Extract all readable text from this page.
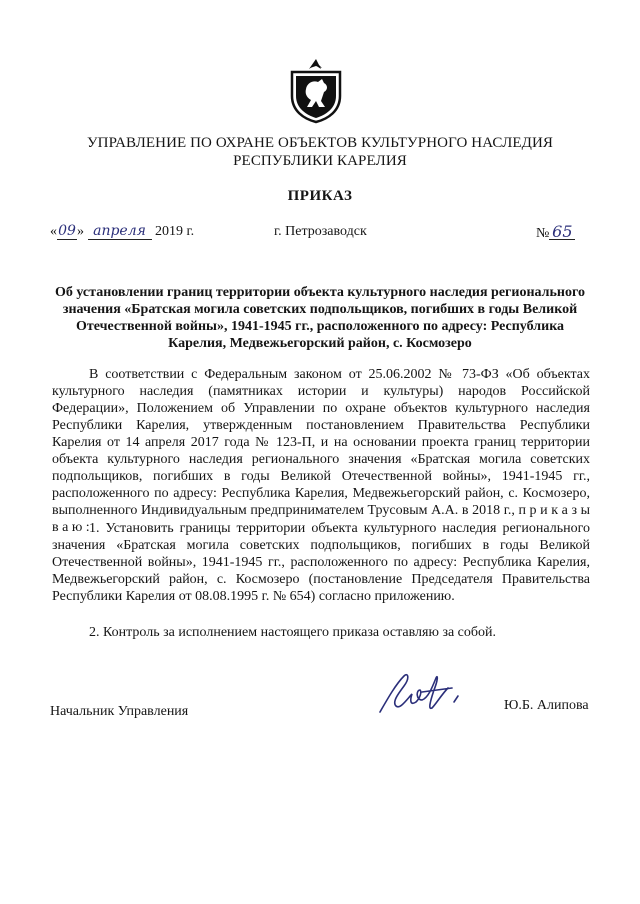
УПРАВЛЕНИЕ ПО ОХРАНЕ ОБЪЕКТОВ КУЛЬТУРНОГО НАСЛЕДИЯ
РЕСПУБЛИКИ КАРЕЛИЯ
ПРИКАЗ
«09» апреля 2019 г.	г. Петрозаводск	№ 65
Об установлении границ территории объекта культурного наследия регионального значения «Братская могила советских подпольщиков, погибших в годы Великой Отечественной войны», 1941-1945 гг., расположенного по адресу: Республика Карелия, Медвежьегорский район, с. Космозеро

В соответствии с Федеральным законом от 25.06.2002 № 73-ФЗ «Об объектах культурного наследия (памятниках истории и культуры) народов Российской Федерации», Положением об Управлении по охране объектов культурного наследия Республики Карелия, утвержденным постановлением Правительства Республики Карелия от 14 апреля 2017 года № 123-П, и на основании проекта границ территории объекта культурного наследия регионального значения «Братская могила советских подпольщиков, погибших в годы Великой Отечественной войны», 1941-1945 гг., расположенного по адресу: Республика Карелия, Медвежьегорский район, с. Космозеро, выполненного Индивидуальным предпринимателем Трусовым А.А. в 2018 г., п р и к а з ы в а ю : 1. Установить границы территории объекта культурного наследия регионального значения «Братская могила советских подпольщиков, погибших в годы Великой Отечественной войны», 1941-1945 гг., расположенного по адресу: Республика Карелия, Медвежьегорский район, с. Космозеро (постановление Председателя Правительства Республики Карелия от 08.08.1995 г. № 654) согласно приложению.

2. Контроль за исполнением настоящего приказа оставляю за собой.

Начальник Управления	Ю.Б. Алипова
